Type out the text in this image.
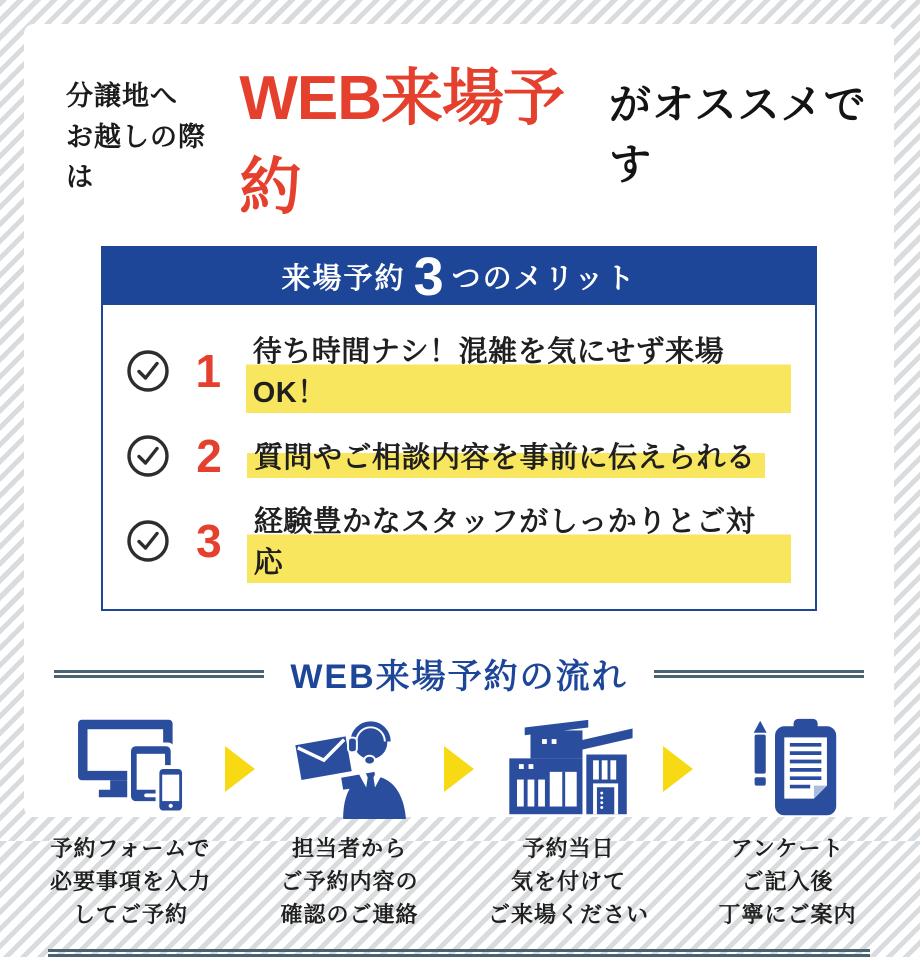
分譲地へ
お越しの際は
WEB来場予約
がオススメです
来場予約 3 つのメリット
1 待ち時間ナシ！混雑を気にせず来場OK！
2	質問やご相談内容を事前に伝えられる
3	経験豊かなスタッフがしっかりとご対応
WEB来場予約の流れ
予約フォームで
必要事項を入力
してご予約
担当者から
ご予約内容の
確認のご連絡
予約当日
気を付けて
ご来場ください
アンケート
ご記入後
丁寧にご案内
